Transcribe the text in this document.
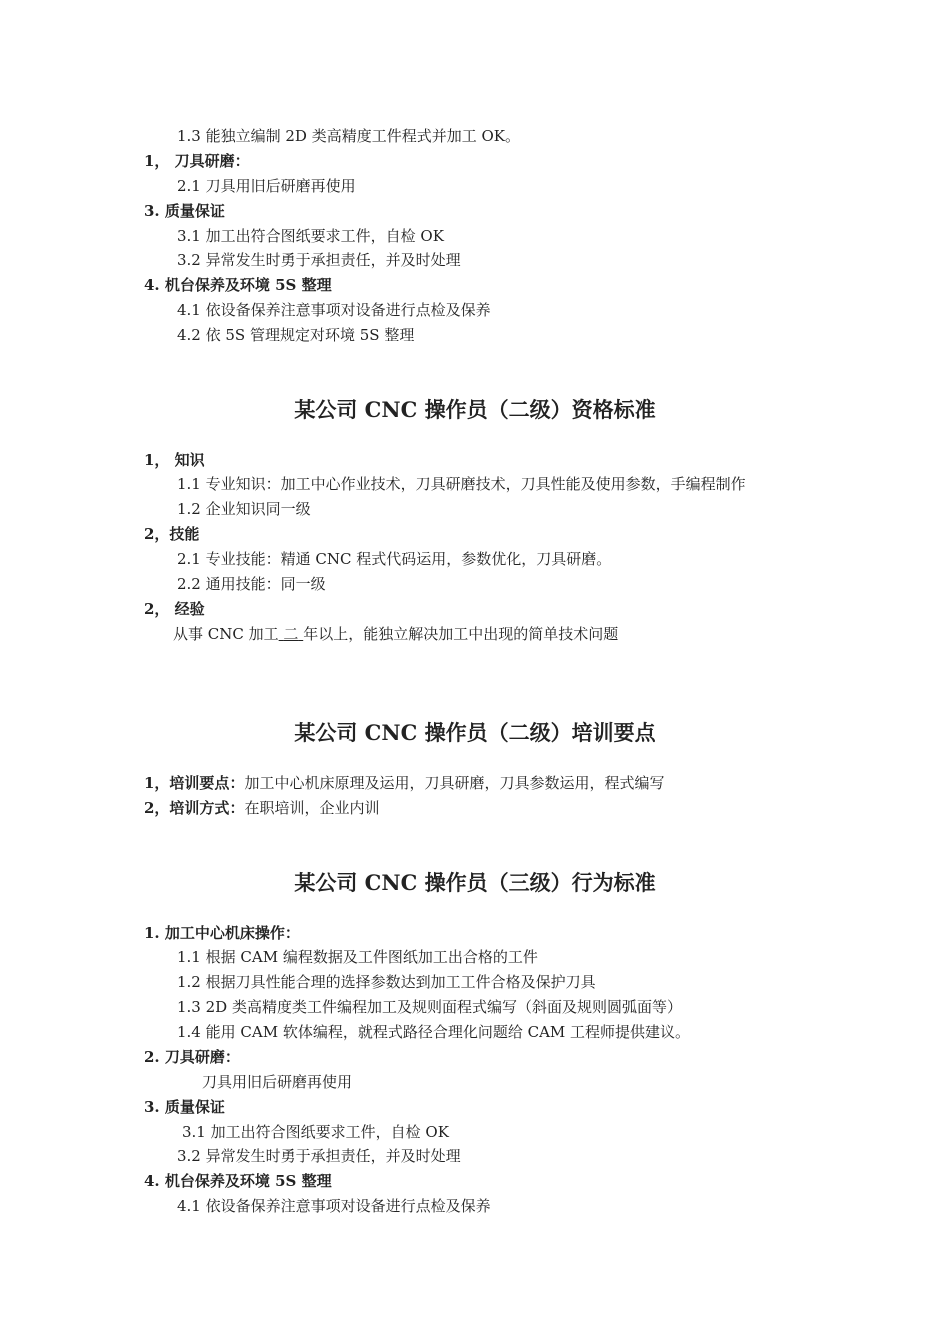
1.3 能独立编制 2D 类高精度工件程式并加工 OK。
1， 刀具研磨：
2.1 刀具用旧后研磨再使用
3. 质量保证
3.1 加工出符合图纸要求工件，自检 OK
3.2 异常发生时勇于承担责任，并及时处理
4. 机台保养及环境 5S 整理
4.1 依设备保养注意事项对设备进行点检及保养
4.2 依 5S 管理规定对环境 5S 整理
某公司 CNC 操作员（二级）资格标准
1， 知识
1.1 专业知识：加工中心作业技术，刀具研磨技术，刀具性能及使用参数，手编程制作
1.2 企业知识同一级
2，技能
2.1 专业技能：精通 CNC 程式代码运用，参数优化，刀具研磨。
2.2 通用技能：同一级
2， 经验
从事 CNC 加工 二 年以上，能独立解决加工中出现的简单技术问题
某公司 CNC 操作员（二级）培训要点
1，培训要点：加工中心机床原理及运用，刀具研磨，刀具参数运用，程式编写
2，培训方式：在职培训，企业内训
某公司 CNC 操作员（三级）行为标准
1. 加工中心机床操作：
1.1 根据 CAM 编程数据及工件图纸加工出合格的工件
1.2 根据刀具性能合理的选择参数达到加工工件合格及保护刀具
1.3 2D 类高精度类工件编程加工及规则面程式编写（斜面及规则圆弧面等）
1.4 能用 CAM 软体编程，就程式路径合理化问题给 CAM 工程师提供建议。
2. 刀具研磨：
刀具用旧后研磨再使用
3. 质量保证
3.1 加工出符合图纸要求工件，自检 OK
3.2 异常发生时勇于承担责任，并及时处理
4. 机台保养及环境 5S 整理
4.1 依设备保养注意事项对设备进行点检及保养
